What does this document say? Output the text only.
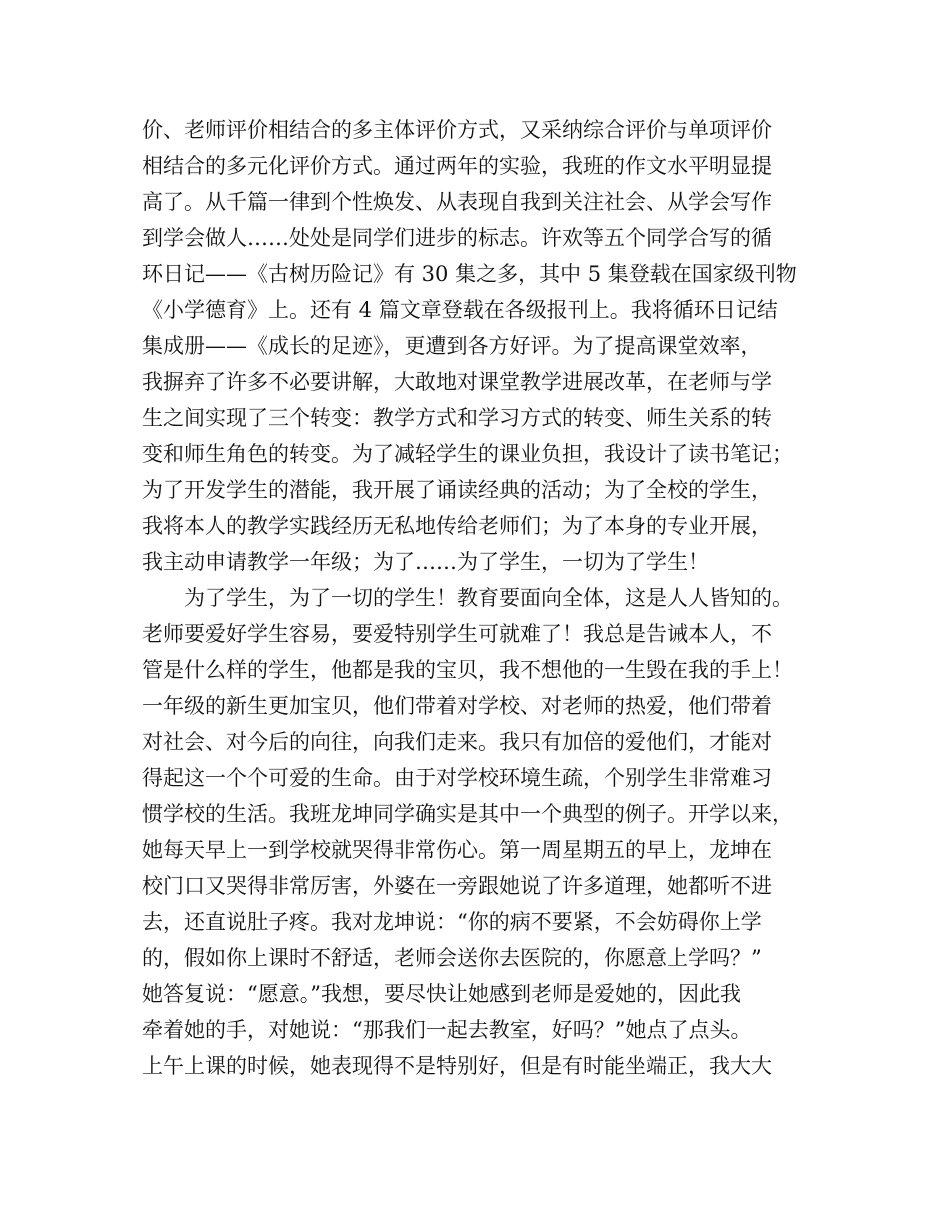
价、老师评价相结合的多主体评价方式，又采纳综合评价与单项评价
相结合的多元化评价方式。通过两年的实验，我班的作文水平明显提
高了。从千篇一律到个性焕发、从表现自我到关注社会、从学会写作
到学会做人……处处是同学们进步的标志。许欢等五个同学合写的循
环日记——《古树历险记》有 30 集之多，其中 5 集登载在国家级刊物
《小学德育》上。还有 4 篇文章登载在各级报刊上。我将循环日记结
集成册——《成长的足迹》，更遭到各方好评。为了提高课堂效率，
我摒弃了许多不必要讲解，大敢地对课堂教学进展改革，在老师与学
生之间实现了三个转变：教学方式和学习方式的转变、师生关系的转
变和师生角色的转变。为了减轻学生的课业负担，我设计了读书笔记；
为了开发学生的潜能，我开展了诵读经典的活动；为了全校的学生，
我将本人的教学实践经历无私地传给老师们；为了本身的专业开展，
我主动申请教学一年级；为了……为了学生，一切为了学生！
为了学生，为了一切的学生！教育要面向全体，这是人人皆知的。
老师要爱好学生容易，要爱特别学生可就难了！我总是告诫本人，不
管是什么样的学生，他都是我的宝贝，我不想他的一生毁在我的手上！
一年级的新生更加宝贝，他们带着对学校、对老师的热爱，他们带着
对社会、对今后的向往，向我们走来。我只有加倍的爱他们，才能对
得起这一个个可爱的生命。由于对学校环境生疏，个别学生非常难习
惯学校的生活。我班龙坤同学确实是其中一个典型的例子。开学以来，
她每天早上一到学校就哭得非常伤心。第一周星期五的早上，龙坤在
校门口又哭得非常厉害，外婆在一旁跟她说了许多道理，她都听不进
去，还直说肚子疼。我对龙坤说：“你的病不要紧，不会妨碍你上学
的，假如你上课时不舒适，老师会送你去医院的，你愿意上学吗？”
她答复说：“愿意。”我想，要尽快让她感到老师是爱她的，因此我
牵着她的手，对她说：“那我们一起去教室，好吗？”她点了点头。
上午上课的时候，她表现得不是特别好，但是有时能坐端正，我大大
